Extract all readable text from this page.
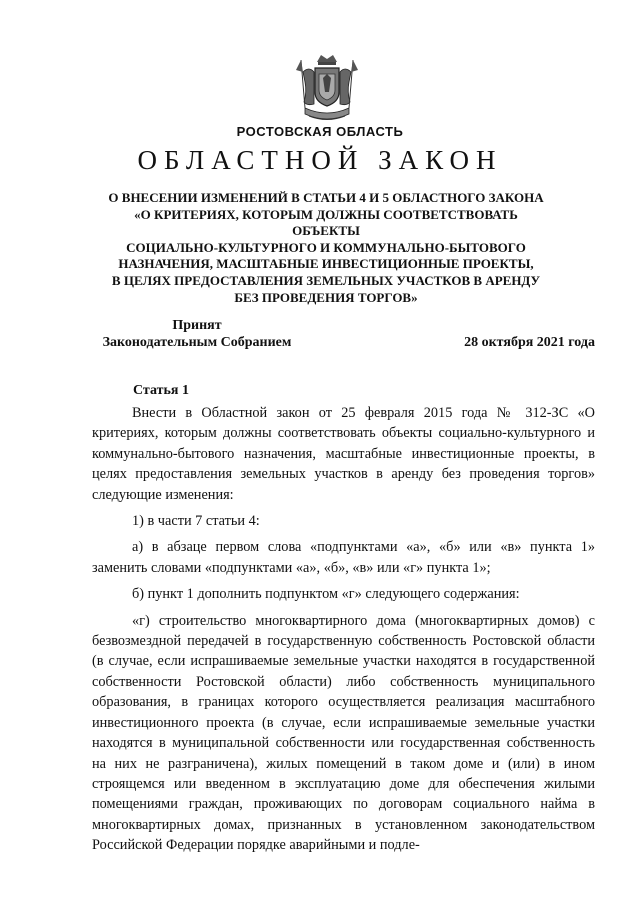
РОСТОВСКАЯ ОБЛАСТЬ
ОБЛАСТНОЙ ЗАКОН
О ВНЕСЕНИИ ИЗМЕНЕНИЙ В СТАТЬИ 4 И 5 ОБЛАСТНОГО ЗАКОНА
«О КРИТЕРИЯХ, КОТОРЫМ ДОЛЖНЫ СООТВЕТСТВОВАТЬ ОБЪЕКТЫ
СОЦИАЛЬНО-КУЛЬТУРНОГО И КОММУНАЛЬНО-БЫТОВОГО
НАЗНАЧЕНИЯ, МАСШТАБНЫЕ ИНВЕСТИЦИОННЫЕ ПРОЕКТЫ,
В ЦЕЛЯХ ПРЕДОСТАВЛЕНИЯ ЗЕМЕЛЬНЫХ УЧАСТКОВ В АРЕНДУ
БЕЗ ПРОВЕДЕНИЯ ТОРГОВ»
Принят
Законодательным Собранием	28 октября 2021 года
Статья 1

Внести в Областной закон от 25 февраля 2015 года № 312-ЗС «О критериях, которым должны соответствовать объекты социально-культурного и коммунально-бытового назначения, масштабные инвестиционные проекты, в целях предоставления земельных участков в аренду без проведения торгов» следующие изменения:

1) в части 7 статьи 4:

а) в абзаце первом слова «подпунктами «а», «б» или «в» пункта 1» заменить словами «подпунктами «а», «б», «в» или «г» пункта 1»;

б) пункт 1 дополнить подпунктом «г» следующего содержания:

«г) строительство многоквартирного дома (многоквартирных домов) с безвозмездной передачей в государственную собственность Ростовской области (в случае, если испрашиваемые земельные участки находятся в государственной собственности Ростовской области) либо собственность муниципального образования, в границах которого осуществляется реализация масштабного инвестиционного проекта (в случае, если испрашиваемые земельные участки находятся в муниципальной собственности или государственная собственность на них не разграничена), жилых помещений в таком доме и (или) в ином строящемся или введенном в эксплуатацию доме для обеспечения жилыми помещениями граждан, проживающих по договорам социального найма в многоквартирных домах, признанных в установленном законодательством Российской Федерации порядке аварийными и подле-
